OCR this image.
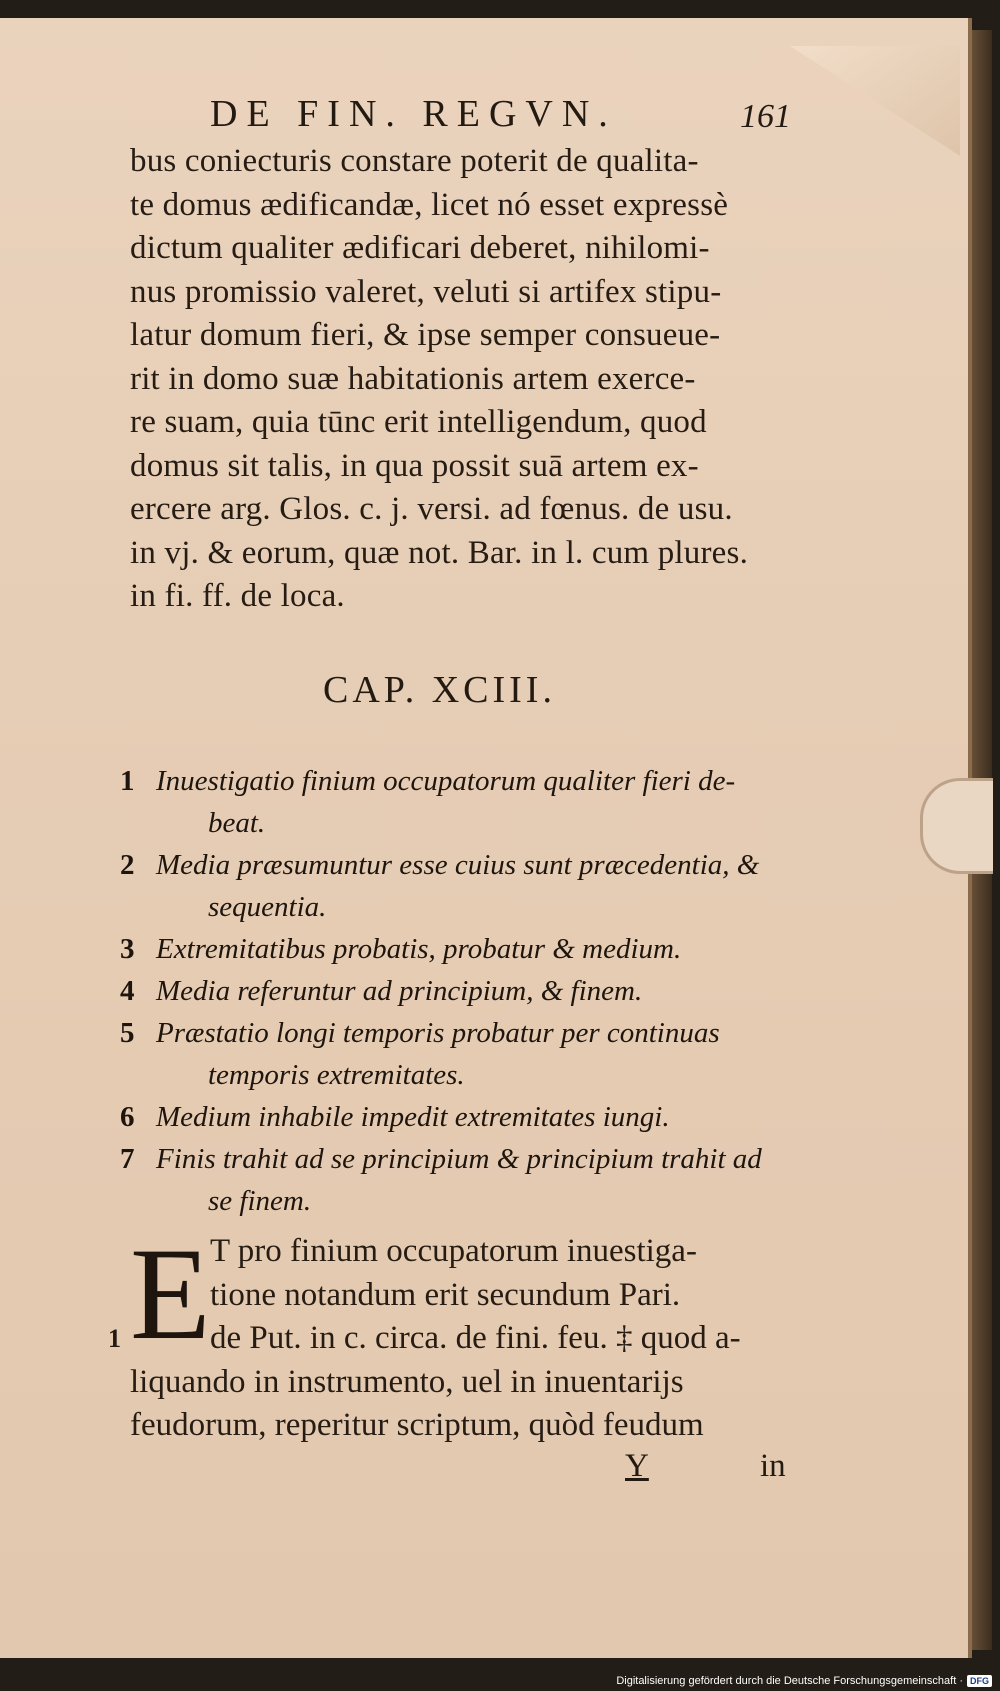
DE FIN. REGVN.	161
bus coniecturis constare poterit de qualita-
te domus ædificandæ, licet nó esset expressè
dictum qualiter ædificari deberet, nihilomi-
nus promissio valeret, veluti si artifex stipu-
latur domum fieri, & ipse semper consueue-
rit in domo suæ habitationis artem exerce-
re suam, quia tūnc erit intelligendum, quod
domus sit talis, in qua possit suā artem ex-
ercere arg. Glos. c. j. versi. ad fœnus. de usu.
in vj. & eorum, quæ not. Bar. in l. cum plures.
in fi. ff. de loca.
CAP. XCIII.
1 Inuestigatio finium occupatorum qualiter fieri de-
beat.
2 Media præsumuntur esse cuius sunt præcedentia, &
sequentia.
3 Extremitatibus probatis, probatur & medium.
4 Media referuntur ad principium, & finem.
5 Præstatio longi temporis probatur per continuas
temporis extremitates.
6 Medium inhabile impedit extremitates iungi.
7 Finis trahit ad se principium & principium trahit ad
se finem.
E T pro finium occupatorum inuestiga-
tione notandum erit secundum Pari.
de Put. in c. circa. de fini. feu. ‡ quod a-
liquando in instrumento, uel in inuentarijs
feudorum, reperitur scriptum, quòd feudum
1
Y	in
Digitalisierung gefördert durch die Deutsche Forschungsgemeinschaft · DFG
